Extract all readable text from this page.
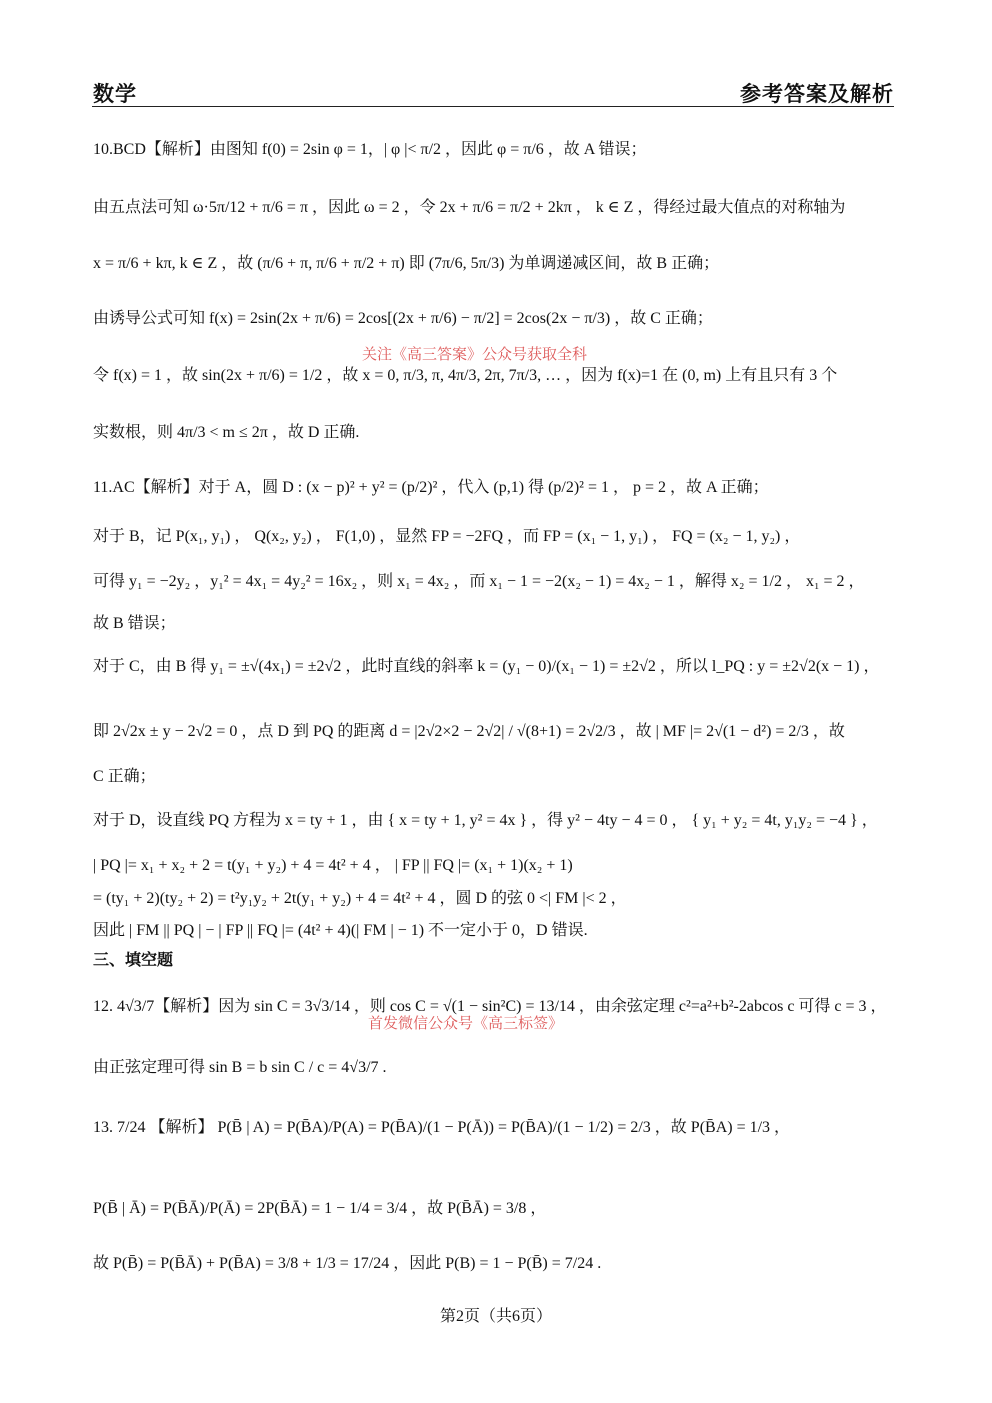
数学	参考答案及解析
10.BCD【解析】由图知 f(0) = 2sin φ = 1，| φ |< π/2 ，因此 φ = π/6 ，故 A 错误；
由五点法可知 ω·5π/12 + π/6 = π ，因此 ω = 2 ，令 2x + π/6 = π/2 + 2kπ ， k ∈ Z ，得经过最大值点的对称轴为
x = π/6 + kπ, k ∈ Z ，故 (π/6 + π, π/6 + π/2 + π) 即 (7π/6, 5π/3) 为单调递减区间，故 B 正确；
由诱导公式可知 f(x) = 2sin(2x + π/6) = 2cos[(2x + π/6) − π/2] = 2cos(2x − π/3) ，故 C 正确；
令 f(x) = 1 ，故 sin(2x + π/6) = 1/2 ，故 x = 0, π/3, π, 4π/3, 2π, 7π/3, … ，因为 f(x)=1 在 (0, m) 上有且只有 3 个
实数根，则 4π/3 < m ≤ 2π ，故 D 正确.
11.AC【解析】对于 A，圆 D : (x − p)² + y² = (p/2)² ，代入 (p,1) 得 (p/2)² = 1 ， p = 2 ，故 A 正确；
对于 B，记 P(x₁, y₁) ， Q(x₂, y₂) ， F(1,0) ，显然 FP = −2FQ ，而 FP = (x₁ − 1, y₁) ， FQ = (x₂ − 1, y₂) ，
可得 y₁ = −2y₂ ，y₁² = 4x₁ = 4y₂² = 16x₂ ，则 x₁ = 4x₂ ，而 x₁ − 1 = −2(x₂ − 1) = 4x₂ − 1 ，解得 x₂ = 1/2 ， x₁ = 2 ，
故 B 错误；
对于 C，由 B 得 y₁ = ±√(4x₁) = ±2√2 ，此时直线的斜率 k = (y₁ − 0)/(x₁ − 1) = ±2√2 ，所以 l_PQ : y = ±2√2(x − 1) ，
即 2√2x ± y − 2√2 = 0 ，点 D 到 PQ 的距离 d = |2√2×2 − 2√2| / √(8+1) = 2√2/3 ，故 | MF |= 2√(1 − d²) = 2/3 ，故
C 正确；
对于 D，设直线 PQ 方程为 x = ty + 1 ，由 { x = ty + 1, y² = 4x } ，得 y² − 4ty − 4 = 0 ， { y₁ + y₂ = 4t, y₁y₂ = −4 } ，
| PQ |= x₁ + x₂ + 2 = t(y₁ + y₂) + 4 = 4t² + 4 ， | FP || FQ |= (x₁ + 1)(x₂ + 1)
= (ty₁ + 2)(ty₂ + 2) = t²y₁y₂ + 2t(y₁ + y₂) + 4 = 4t² + 4 ，圆 D 的弦 0 <| FM |< 2 ，
因此 | FM || PQ | − | FP || FQ |= (4t² + 4)(| FM | − 1) 不一定小于 0，D 错误.
三、填空题
12. 4√3/7【解析】因为 sin C = 3√3/14 ，则 cos C = √(1 − sin²C) = 13/14 ，由余弦定理 c²=a²+b²-2abcos c 可得 c = 3 ，
由正弦定理可得 sin B = b sin C / c = 4√3/7 .
13. 7/24 【解析】 P(B̄ | A) = P(B̄A)/P(A) = P(B̄A)/(1 − P(Ā)) = P(B̄A)/(1 − 1/2) = 2/3 ，故 P(B̄A) = 1/3 ，
P(B̄ | Ā) = P(B̄Ā)/P(Ā) = 2P(B̄Ā) = 1 − 1/4 = 3/4 ，故 P(B̄Ā) = 3/8 ，
故 P(B̄) = P(B̄Ā) + P(B̄A) = 3/8 + 1/3 = 17/24 ，因此 P(B) = 1 − P(B̄) = 7/24 .
关注《高三答案》公众号获取全科
首发微信公众号《高三标签》
第2页（共6页）
